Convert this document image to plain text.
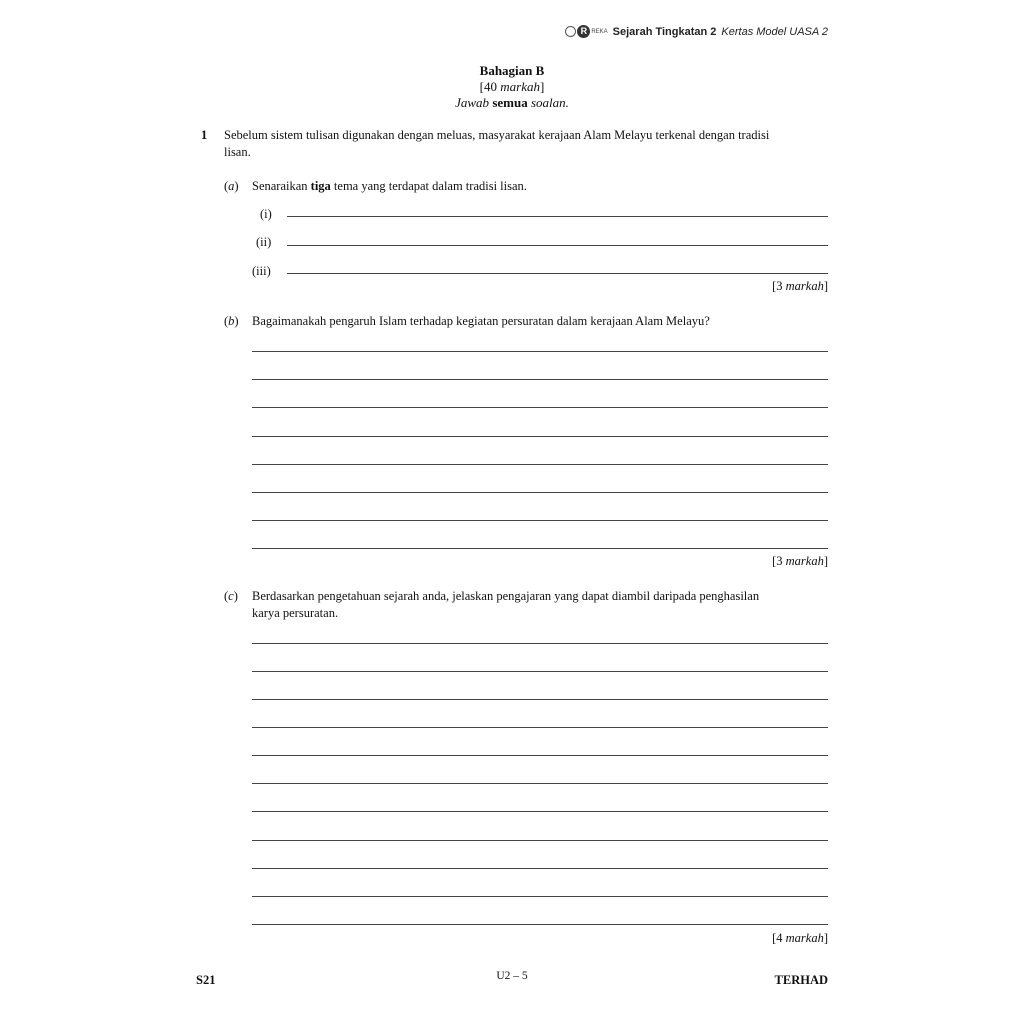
R REKA Sejarah Tingkatan 2 Kertas Model UASA 2
Bahagian B
[40 markah]
Jawab semua soalan.
1 Sebelum sistem tulisan digunakan dengan meluas, masyarakat kerajaan Alam Melayu terkenal dengan tradisi
lisan.
(a) Senaraikan tiga tema yang terdapat dalam tradisi lisan.
(i)
(ii)
(iii)
[3 markah]
(b) Bagaimanakah pengaruh Islam terhadap kegiatan persuratan dalam kerajaan Alam Melayu?
[3 markah]
(c) Berdasarkan pengetahuan sejarah anda, jelaskan pengajaran yang dapat diambil daripada penghasilan
karya persuratan.
[4 markah]
S21	U2 – 5	TERHAD
